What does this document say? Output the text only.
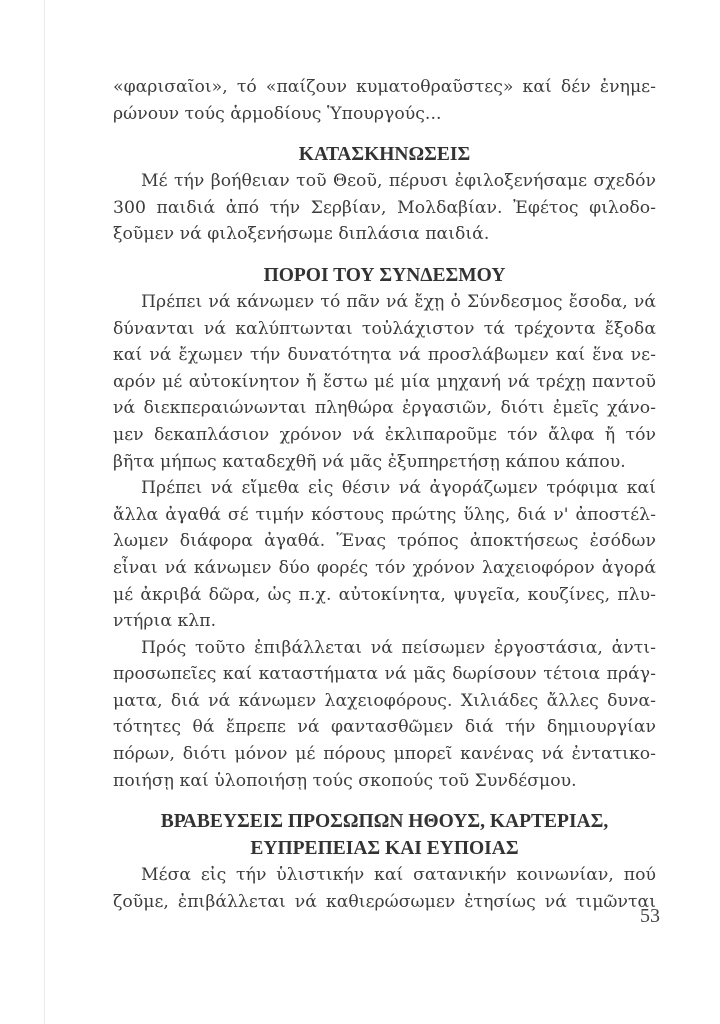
«φαρισαῖοι», τό «παίζουν κυματοθραῦστες» καί δέν ἐνημε-
ρώνουν τούς ἁρμοδίους Ὑπουργούς...
ΚΑΤΑΣΚΗΝΩΣΕΙΣ
Μέ τήν βοήθειαν τοῦ Θεοῦ, πέρυσι ἐφιλοξενήσαμε σχεδόν
300 παιδιά ἀπό τήν Σερβίαν, Μολδαβίαν. Ἐφέτος φιλοδο-
ξοῦμεν νά φιλοξενήσωμε διπλάσια παιδιά.
ΠΟΡΟΙ ΤΟΥ ΣΥΝΔΕΣΜΟΥ
Πρέπει νά κάνωμεν τό πᾶν νά ἔχῃ ὁ Σύνδεσμος ἔσοδα, νά
δύνανται νά καλύπτωνται τοὐλάχιστον τά τρέχοντα ἔξοδα
καί νά ἔχωμεν τήν δυνατότητα νά προσλάβωμεν καί ἕνα νε-
αρόν μέ αὐτοκίνητον ἤ ἔστω μέ μία μηχανή νά τρέχῃ παντοῦ
νά διεκπεραιώνωνται πληθώρα ἐργασιῶν, διότι ἐμεῖς χάνο-
μεν δεκαπλάσιον χρόνον νά ἐκλιπαροῦμε τόν ἄλφα ἤ τόν
βῆτα μήπως καταδεχθῆ νά μᾶς ἐξυπηρετήσῃ κάπου κάπου.
Πρέπει νά εἴμεθα εἰς θέσιν νά ἀγοράζωμεν τρόφιμα καί
ἄλλα ἀγαθά σέ τιμήν κόστους πρώτης ὕλης, διά ν' ἀποστέλ-
λωμεν διάφορα ἀγαθά. Ἕνας τρόπος ἀποκτήσεως ἐσόδων
εἶναι νά κάνωμεν δύο φορές τόν χρόνον λαχειοφόρον ἀγορά
μέ ἀκριβά δῶρα, ὡς π.χ. αὐτοκίνητα, ψυγεῖα, κουζίνες, πλυ-
ντήρια κλπ.
Πρός τοῦτο ἐπιβάλλεται νά πείσωμεν ἐργοστάσια, ἀντι-
προσωπεῖες καί καταστήματα νά μᾶς δωρίσουν τέτοια πράγ-
ματα, διά νά κάνωμεν λαχειοφόρους. Χιλιάδες ἄλλες δυνα-
τότητες θά ἔπρεπε νά φαντασθῶμεν διά τήν δημιουργίαν
πόρων, διότι μόνον μέ πόρους μπορεῖ κανένας νά ἐντατικο-
ποιήσῃ καί ὑλοποιήσῃ τούς σκοπούς τοῦ Συνδέσμου.
ΒΡΑΒΕΥΣΕΙΣ ΠΡΟΣΩΠΩΝ ΗΘΟΥΣ, ΚΑΡΤΕΡΙΑΣ,
ΕΥΠΡΕΠΕΙΑΣ ΚΑΙ ΕΥΠΟΙΑΣ
Μέσα εἰς τήν ὑλιστικήν καί σατανικήν κοινωνίαν, πού
ζοῦμε, ἐπιβάλλεται νά καθιερώσωμεν ἐτησίως νά τιμῶνται
53
